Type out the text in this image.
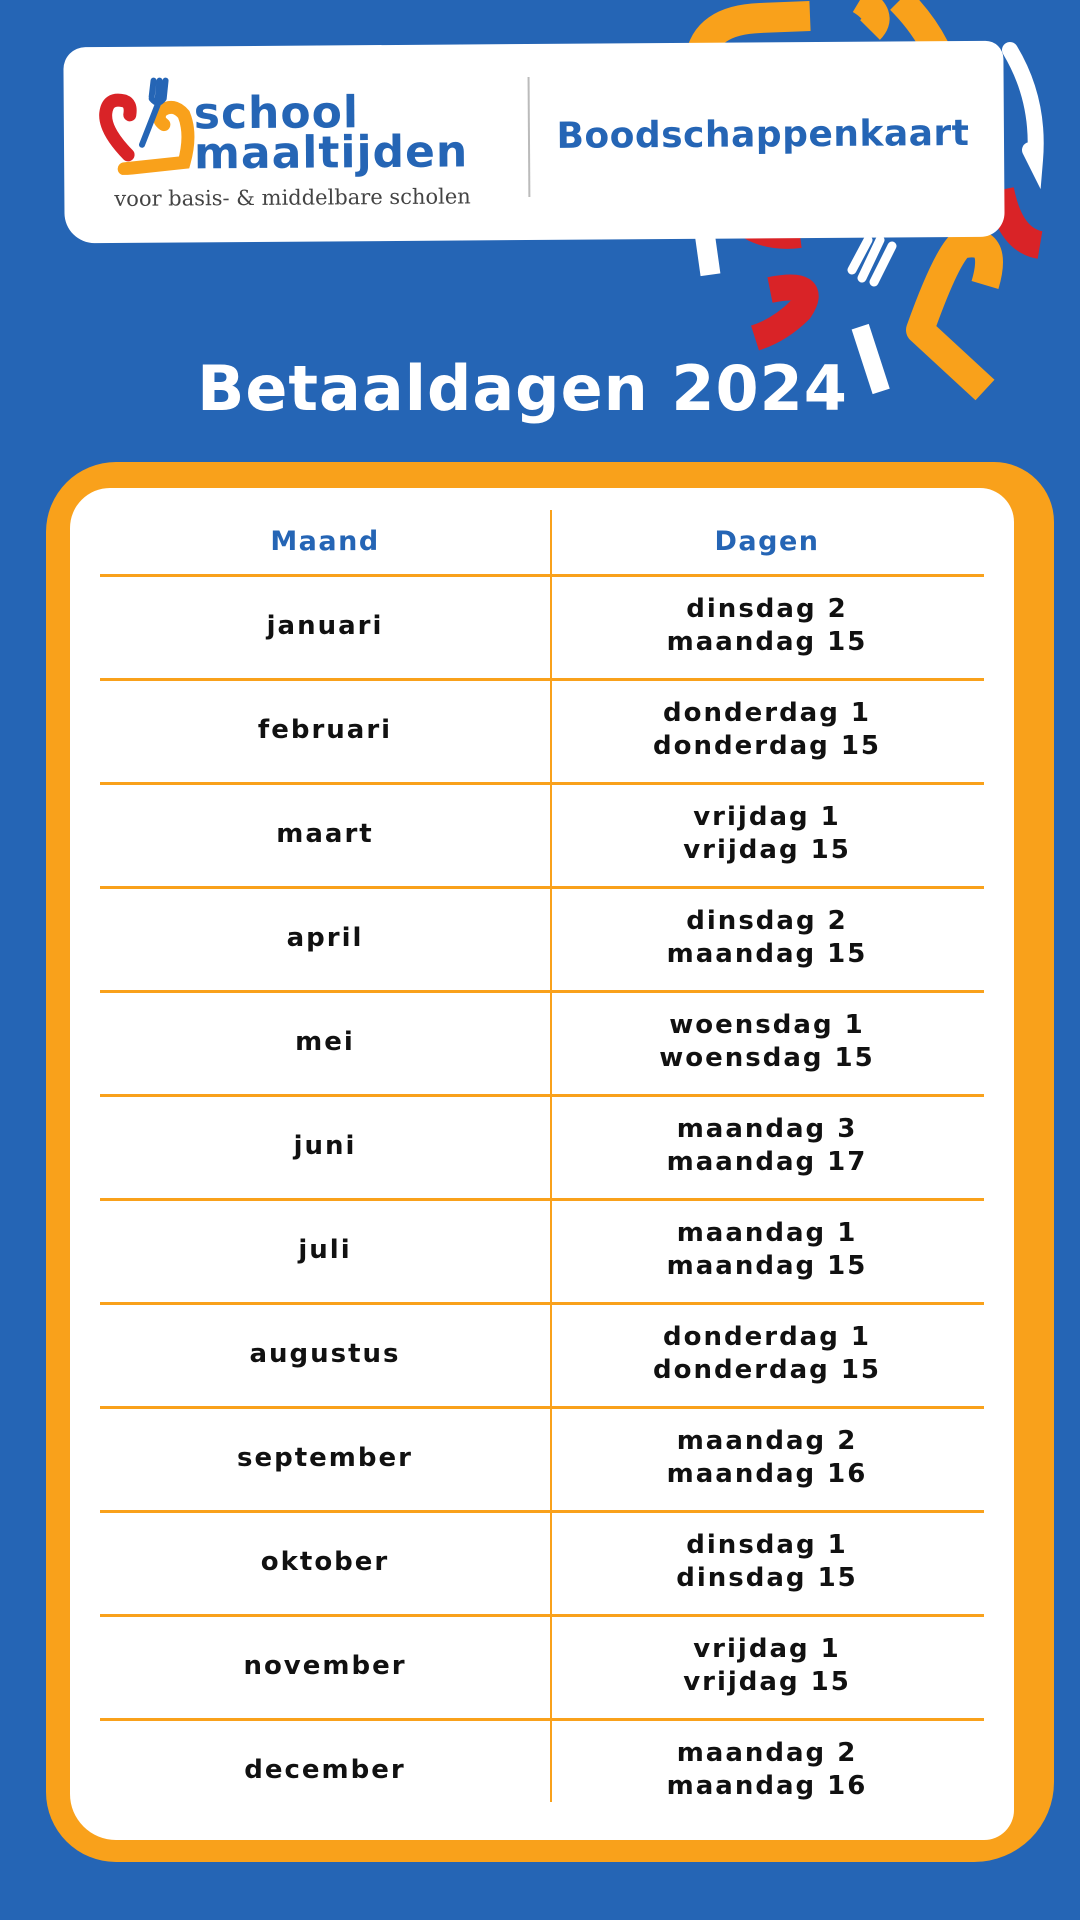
school
maaltijden
voor basis- & middelbare scholen
Boodschappenkaart
Betaaldagen 2024
Maand	Dagen
januari
dinsdag 2
maandag 15
februari
donderdag 1
donderdag 15
maart
vrijdag 1
vrijdag 15
april
dinsdag 2
maandag 15
mei
woensdag 1
woensdag 15
juni
maandag 3
maandag 17
juli
maandag 1
maandag 15
augustus
donderdag 1
donderdag 15
september
maandag 2
maandag 16
oktober
dinsdag 1
dinsdag 15
november
vrijdag 1
vrijdag 15
december
maandag 2
maandag 16
